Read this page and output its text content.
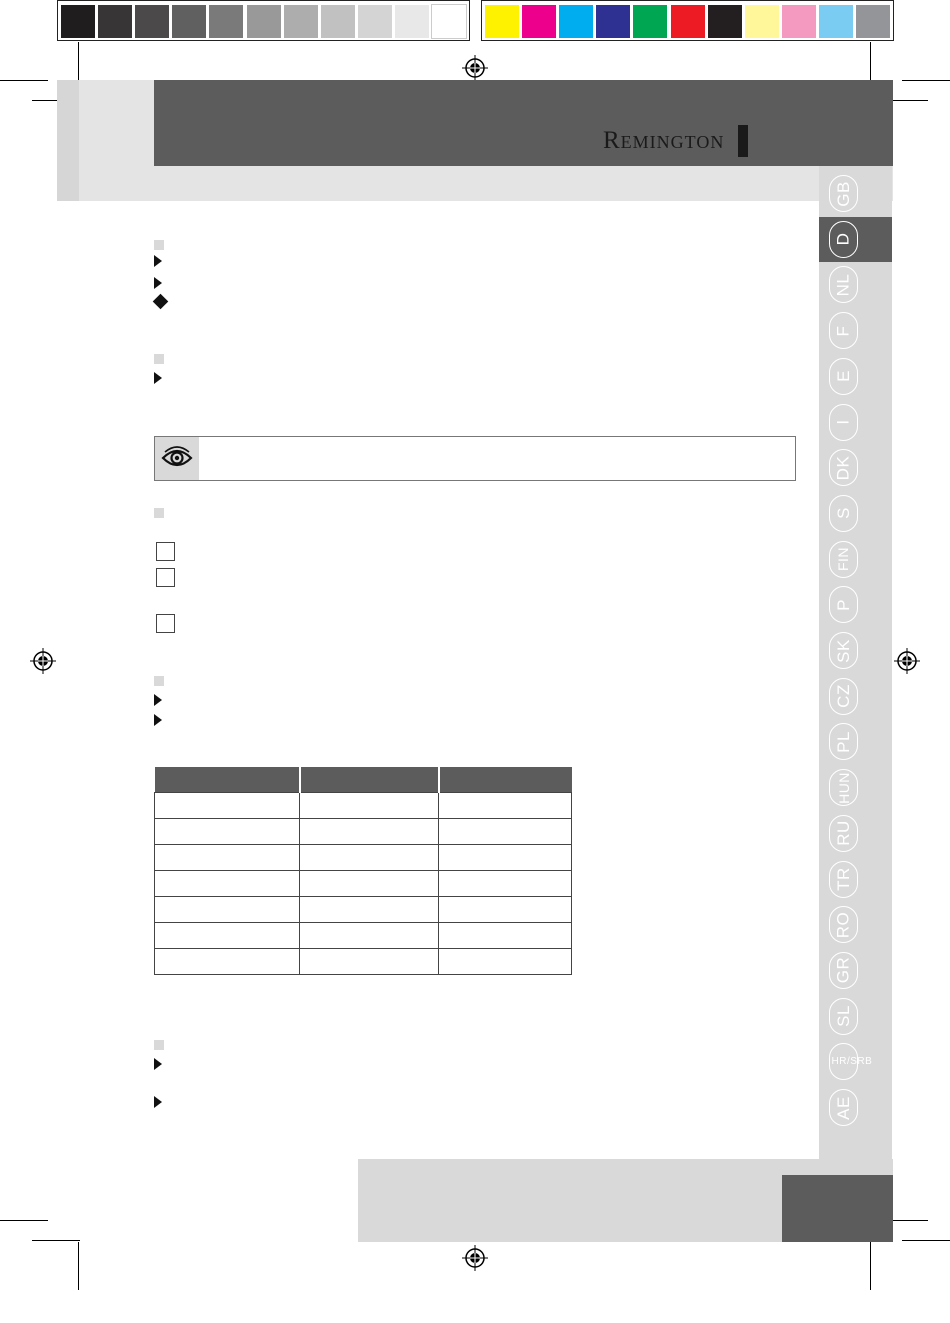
Remington
GB
D
NL
F
E
I
DK
S
FIN
P
SK
CZ
PL
HUN
RU
TR
RO
GR
SL
HR/SRB
AE
